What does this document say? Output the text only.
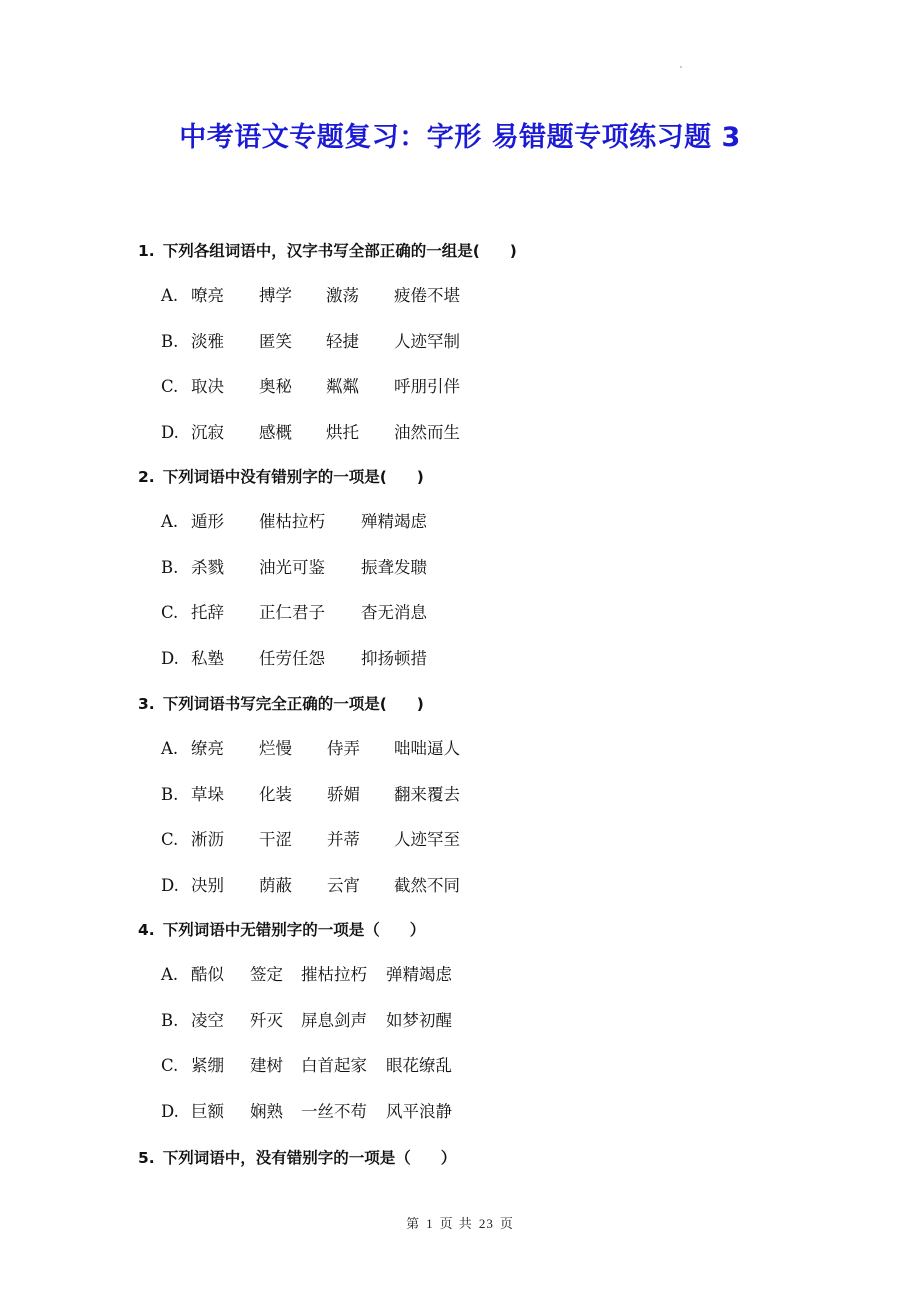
中考语文专题复习：字形 易错题专项练习题 3
1. 下列各组词语中，汉字书写全部正确的一组是( )
A. 嘹亮 搏学 激荡 疲倦不堪
B. 淡雅 匿笑 轻捷 人迹罕制
C. 取决 奥秘 粼粼 呼朋引伴
D. 沉寂 感概 烘托 油然而生
2. 下列词语中没有错别字的一项是( )
A. 遁形 催枯拉朽 殚精竭虑
B. 杀戮 油光可鉴 振聋发聩
C. 托辞 正仁君子 杳无消息
D. 私塾 任劳任怨 抑扬顿措
3. 下列词语书写完全正确的一项是( )
A. 缭亮 烂慢 侍弄 咄咄逼人
B. 草垛 化装 骄媚 翻来覆去
C. 淅沥 干涩 并蒂 人迹罕至
D. 决别 荫蔽 云宵 截然不同
4. 下列词语中无错别字的一项是（ ）
A. 酷似 签定 摧枯拉朽 弹精竭虑
B. 凌空 歼灭 屏息剑声 如梦初醒
C. 紧绷 建树 白首起家 眼花缭乱
D. 巨额 娴熟 一丝不苟 风平浪静
5. 下列词语中，没有错别字的一项是（ ）
第 1 页 共 23 页
